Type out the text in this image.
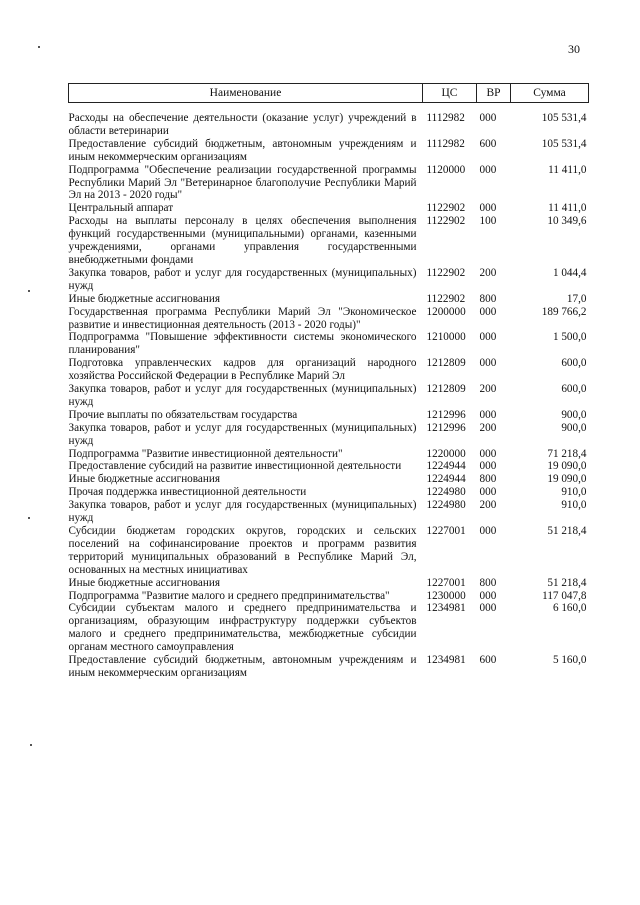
30
Наименование	ЦС	ВР	Сумма

Расходы на обеспечение деятельности (оказание услуг) учреждений в области ветеринарии	1112982	000	105 531,4
Предоставление субсидий бюджетным, автономным учреждениям и иным некоммерческим организациям	1112982	600	105 531,4
Подпрограмма "Обеспечение реализации государственной программы Республики Марий Эл "Ветеринарное благополучие Республики Марий Эл на 2013 - 2020 годы"	1120000	000	11 411,0
Центральный аппарат	1122902	000	11 411,0
Расходы на выплаты персоналу в целях обеспечения выполнения функций государственными (муниципальными) органами, казенными учреждениями, органами управления государственными внебюджетными фондами	1122902	100	10 349,6
Закупка товаров, работ и услуг для государственных (муниципальных) нужд	1122902	200	1 044,4
Иные бюджетные ассигнования	1122902	800	17,0
Государственная программа Республики Марий Эл "Экономическое развитие и инвестиционная деятельность (2013 - 2020 годы)"	1200000	000	189 766,2
Подпрограмма "Повышение эффективности системы экономического планирования"	1210000	000	1 500,0
Подготовка управленческих кадров для организаций народного хозяйства Российской Федерации в Республике Марий Эл	1212809	000	600,0
Закупка товаров, работ и услуг для государственных (муниципальных) нужд	1212809	200	600,0
Прочие выплаты по обязательствам государства	1212996	000	900,0
Закупка товаров, работ и услуг для государственных (муниципальных) нужд	1212996	200	900,0
Подпрограмма "Развитие инвестиционной деятельности"	1220000	000	71 218,4
Предоставление субсидий на развитие инвестиционной деятельности	1224944	000	19 090,0
Иные бюджетные ассигнования	1224944	800	19 090,0
Прочая поддержка инвестиционной деятельности	1224980	000	910,0
Закупка товаров, работ и услуг для государственных (муниципальных) нужд	1224980	200	910,0
Субсидии бюджетам городских округов, городских и сельских поселений на софинансирование проектов и программ развития территорий муниципальных образований в Республике Марий Эл, основанных на местных инициативах	1227001	000	51 218,4
Иные бюджетные ассигнования	1227001	800	51 218,4
Подпрограмма "Развитие малого и среднего предпринимательства"	1230000	000	117 047,8
Субсидии субъектам малого и среднего предпринимательства и организациям, образующим инфраструктуру поддержки субъектов малого и среднего предпринимательства, межбюджетные субсидии органам местного самоуправления	1234981	000	6 160,0
Предоставление субсидий бюджетным, автономным учреждениям и иным некоммерческим организациям	1234981	600	5 160,0
